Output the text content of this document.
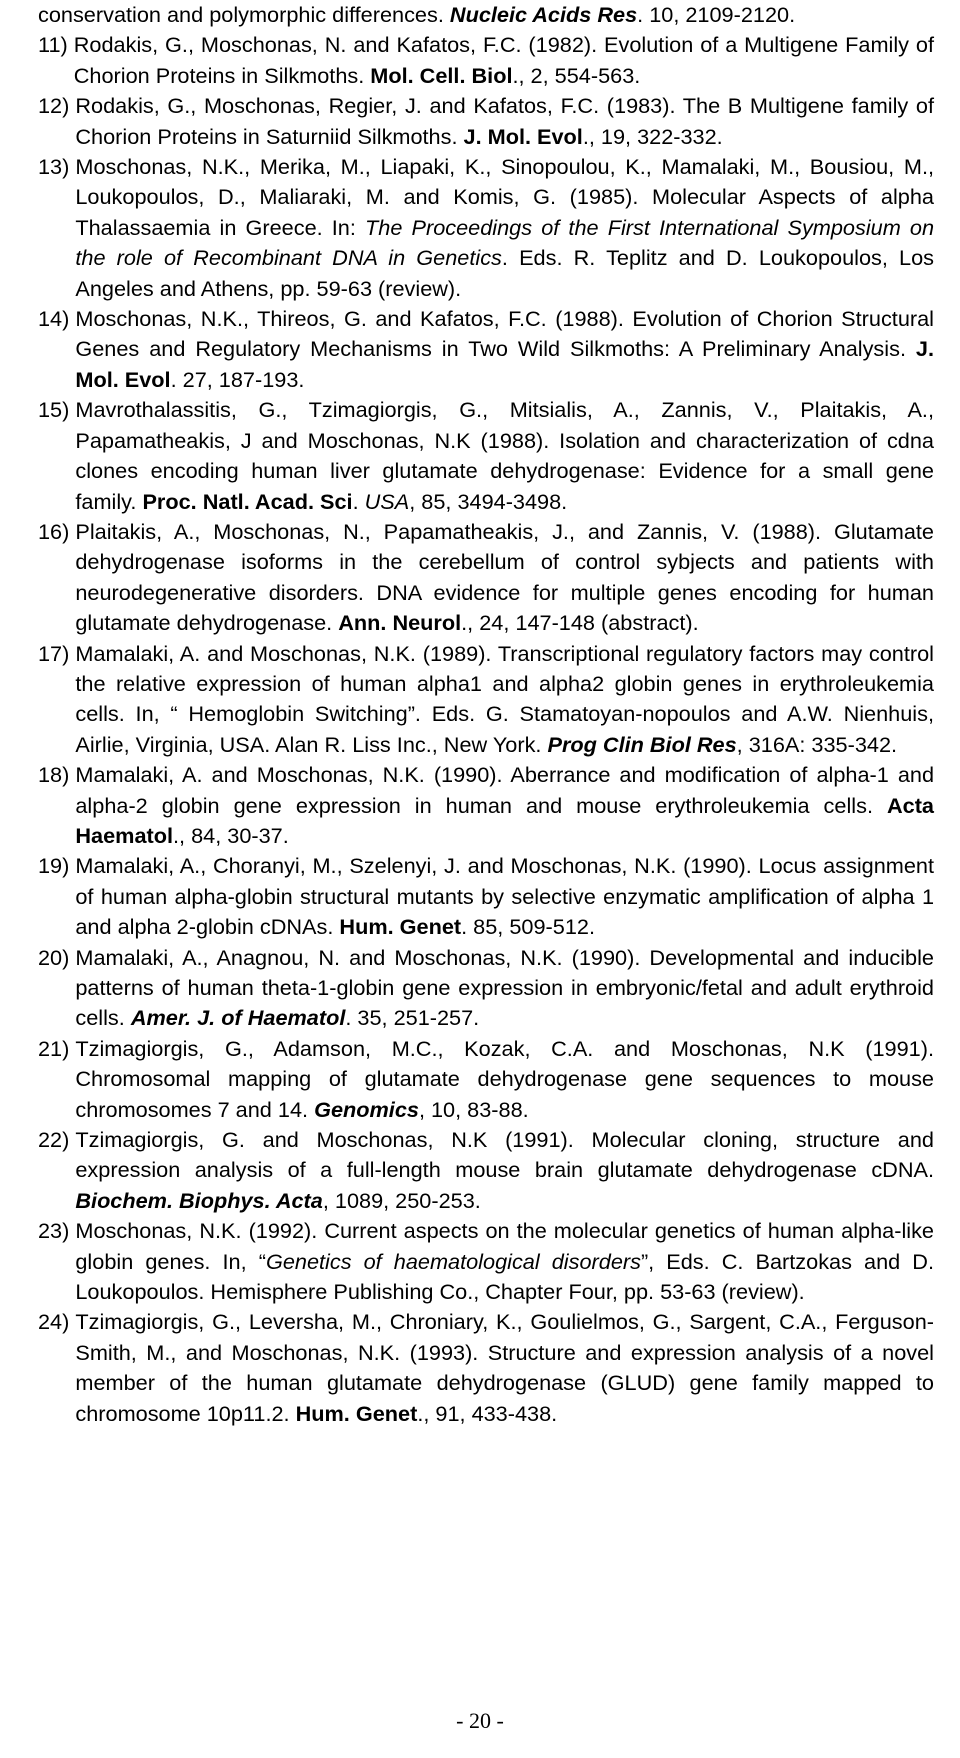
conservation and polymorphic differences. Nucleic Acids Res. 10, 2109-2120.
11) Rodakis, G., Moschonas, N. and Kafatos, F.C. (1982). Evolution of a Multigene Family of Chorion Proteins in Silkmoths. Mol. Cell. Biol., 2, 554-563.
12) Rodakis, G., Moschonas, Regier, J. and Kafatos, F.C. (1983). The B Multigene family of Chorion Proteins in Saturniid Silkmoths. J. Mol. Evol., 19, 322-332.
13) Moschonas, N.K., Merika, M., Liapaki, K., Sinopoulou, K., Mamalaki, M., Bousiou, M., Loukopoulos, D., Maliaraki, M. and Komis, G. (1985). Molecular Aspects of alpha Thalassaemia in Greece. In: The Proceedings of the First International Symposium on the role of Recombinant DNA in Genetics. Eds. R. Teplitz and D. Loukopoulos, Los Angeles and Athens, pp. 59-63 (review).
14) Moschonas, N.K., Thireos, G. and Kafatos, F.C. (1988). Evolution of Chorion Structural Genes and Regulatory Mechanisms in Two Wild Silkmoths: A Preliminary Analysis. J. Mol. Evol. 27, 187-193.
15) Mavrothalassitis, G., Tzimagiorgis, G., Mitsialis, A., Zannis, V., Plaitakis, A., Papamatheakis, J and Moschonas, N.K (1988). Isolation and characterization of cdna clones encoding human liver glutamate dehydrogenase: Evidence for a small gene family. Proc. Natl. Acad. Sci. USA, 85, 3494-3498.
16) Plaitakis, A., Moschonas, N., Papamatheakis, J., and Zannis, V. (1988). Glutamate dehydrogenase isoforms in the cerebellum of control sybjects and patients with neurodegenerative disorders. DNA evidence for multiple genes encoding for human glutamate dehydrogenase. Ann. Neurol., 24, 147-148 (abstract).
17) Mamalaki, A. and Moschonas, N.K. (1989). Transcriptional regulatory factors may control the relative expression of human alpha1 and alpha2 globin genes in erythroleukemia cells. In, “ Hemoglobin Switching”. Eds. G. Stamatoyan-nopoulos and A.W. Nienhuis, Airlie, Virginia, USA. Alan R. Liss Inc., New York. Prog Clin Biol Res, 316A: 335-342.
18) Mamalaki, A. and Moschonas, N.K. (1990). Aberrance and modification of alpha-1 and alpha-2 globin gene expression in human and mouse erythroleukemia cells. Acta Haematol., 84, 30-37.
19) Mamalaki, A., Choranyi, M., Szelenyi, J. and Moschonas, N.K. (1990). Locus assignment of human alpha-globin structural mutants by selective enzymatic amplification of alpha 1 and alpha 2-globin cDNAs. Hum. Genet. 85, 509-512.
20) Mamalaki, A., Anagnou, N. and Moschonas, N.K. (1990). Developmental and inducible patterns of human theta-1-globin gene expression in embryonic/fetal and adult erythroid cells. Amer. J. of Haematol. 35, 251-257.
21) Tzimagiorgis, G., Adamson, M.C., Kozak, C.A. and Moschonas, N.K (1991). Chromosomal mapping of glutamate dehydrogenase gene sequences to mouse chromosomes 7 and 14. Genomics, 10, 83-88.
22) Tzimagiorgis, G. and Moschonas, N.K (1991). Molecular cloning, structure and expression analysis of a full-length mouse brain glutamate dehydrogenase cDNA. Biochem. Biophys. Acta, 1089, 250-253.
23) Moschonas, N.K. (1992). Current aspects on the molecular genetics of human alpha-like globin genes. In, “Genetics of haematological disorders”, Eds. C. Bartzokas and D. Loukopoulos. Hemisphere Publishing Co., Chapter Four, pp. 53-63 (review).
24) Tzimagiorgis, G., Leversha, M., Chroniary, K., Goulielmos, G., Sargent, C.A., Ferguson-Smith, M., and Moschonas, N.K. (1993). Structure and expression analysis of a novel member of the human glutamate dehydrogenase (GLUD) gene family mapped to chromosome 10p11.2. Hum. Genet., 91, 433-438.
- 20 -
